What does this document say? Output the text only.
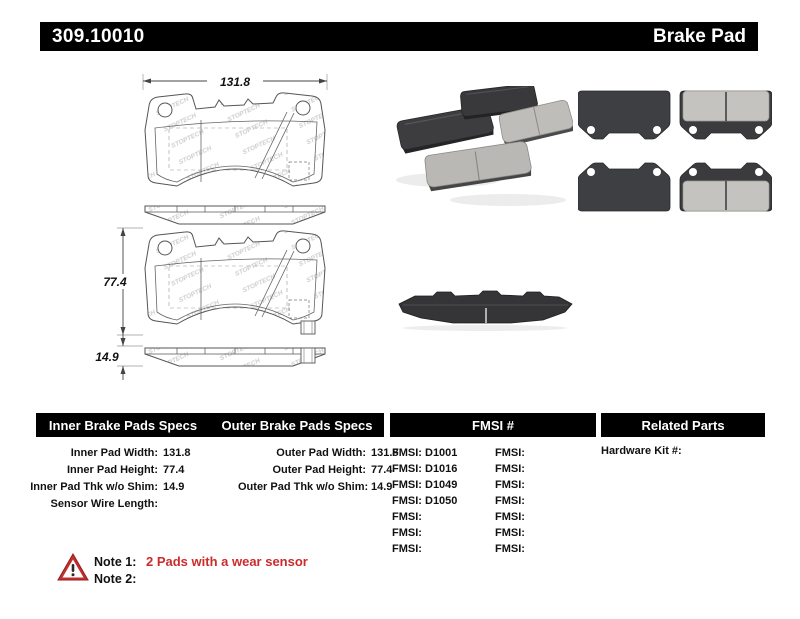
309.10010	Brake Pad
131.8
77.4
14.9
Inner Brake Pads Specs	Outer Brake Pads Specs	FMSI #	Related Parts
Inner Pad Width: 131.8
Inner Pad Height: 77.4
Inner Pad Thk w/o Shim: 14.9
Sensor Wire Length:
Outer Pad Width: 131.8
Outer Pad Height: 77.4
Outer Pad Thk w/o Shim: 14.9
FMSI: D1001
FMSI: D1016
FMSI: D1049
FMSI: D1050
FMSI:
FMSI:
FMSI:
FMSI:
FMSI:
FMSI:
FMSI:
FMSI:
FMSI:
FMSI:
Hardware Kit #:
Note 1: 2 Pads with a wear sensor
Note 2:
